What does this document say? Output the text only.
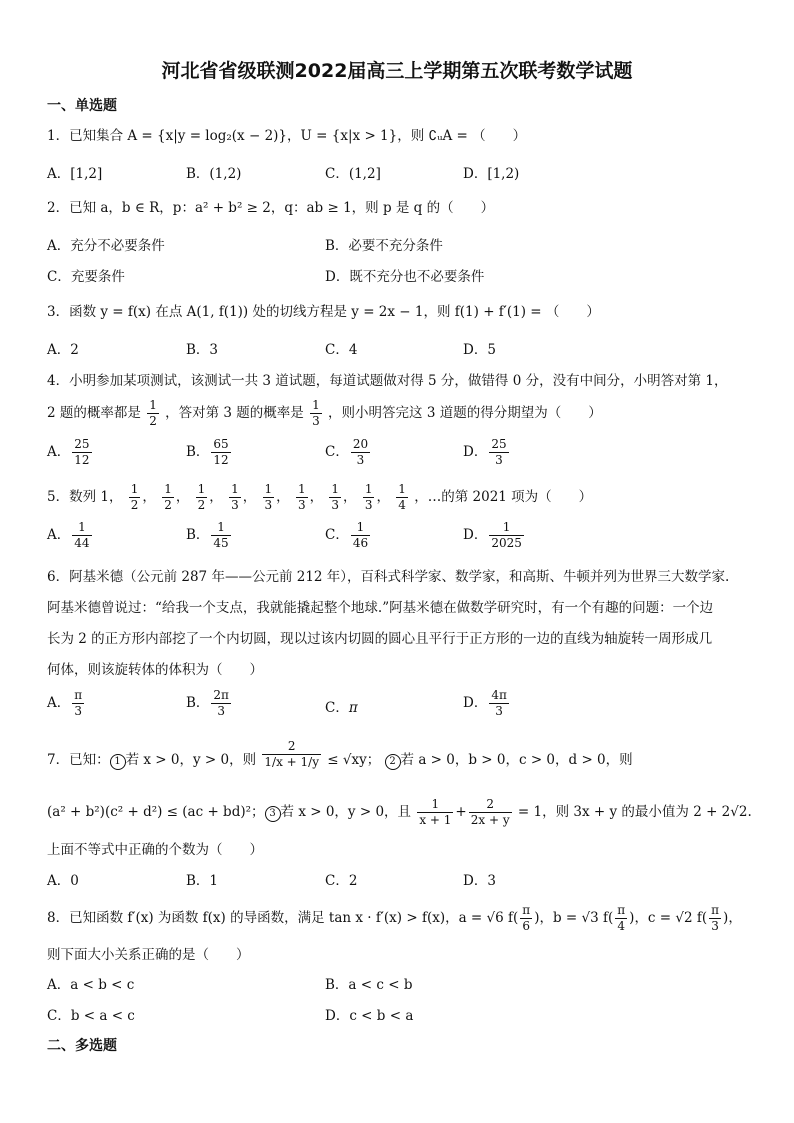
河北省省级联测2022届高三上学期第五次联考数学试题
一、单选题
1．已知集合 A = {x|y = log₂(x − 2)}，U = {x|x > 1}，则 ∁ᵤA = （　　）
A．[1,2]	B．(1,2)	C．(1,2]	D．[1,2)
2．已知 a，b ∈ R，p：a² + b² ≥ 2，q：ab ≥ 1，则 p 是 q 的（　　）
A．充分不必要条件	B．必要不充分条件
C．充要条件	D．既不充分也不必要条件
3．函数 y = f(x) 在点 A(1, f(1)) 处的切线方程是 y = 2x − 1，则 f(1) + f′(1) = （　　）
A．2	B．3	C．4	D．5
4．小明参加某项测试，该测试一共 3 道试题，每道试题做对得 5 分，做错得 0 分，没有中间分，小明答对第 1，
2 题的概率都是 $\frac{1}{2}$ ，答对第 3 题的概率是 $\frac{1}{3}$ ，则小明答完这 3 道题的得分期望为（　　）
A． $\frac{25}{12}$	B． $\frac{65}{12}$	C． $\frac{20}{3}$	D． $\frac{25}{3}$
5．数列 1， $\frac{1}{2}$ ， $\frac{1}{2}$ ， $\frac{1}{2}$ ， $\frac{1}{3}$ ， $\frac{1}{3}$ ， $\frac{1}{3}$ ， $\frac{1}{3}$ ， $\frac{1}{3}$ ， $\frac{1}{4}$ ，…的第 2021 项为（　　）
A． $\frac{1}{44}$	B． $\frac{1}{45}$	C． $\frac{1}{46}$	D． $\frac{1}{2025}$
6．阿基米德（公元前 287 年——公元前 212 年），百科式科学家、数学家，和高斯、牛顿并列为世界三大数学家.
阿基米德曾说过：“给我一个支点，我就能撬起整个地球.”阿基米德在做数学研究时，有一个有趣的问题：一个边
长为 2 的正方形内部挖了一个内切圆，现以过该内切圆的圆心且平行于正方形的一边的直线为轴旋转一周形成几
何体，则该旋转体的体积为（　　）
A． $\frac{\pi}{3}$	B． $\frac{2\pi}{3}$	C．π	D． $\frac{4\pi}{3}$
7．已知： 1 若 x > 0，y > 0，则 $\frac{2}{1/x + 1/y} \le √xy$； 2 若 a > 0，b > 0，c > 0，d > 0，则
(a² + b²)(c² + d²) ≤ (ac + bd)²； 3 若 x > 0，y > 0，且 $\frac{1}{x + 1} + \frac{2}{2x + y} = 1$，则 3x + y 的最小值为 2 + 2√2.
上面不等式中正确的个数为（　　）
A．0	B．1	C．2	D．3
8．已知函数 f′(x) 为函数 f(x) 的导函数，满足 tan x · f′(x) > f(x)，a = √6 $f( \frac{\pi}{6}$ )，b = √3 $f( \frac{\pi}{4}$ )，c = √2 $f( \frac{\pi}{3}$ )，
则下面大小关系正确的是（　　）
A．a < b < c	B．a < c < b
C．b < a < c	D．c < b < a
二、多选题
